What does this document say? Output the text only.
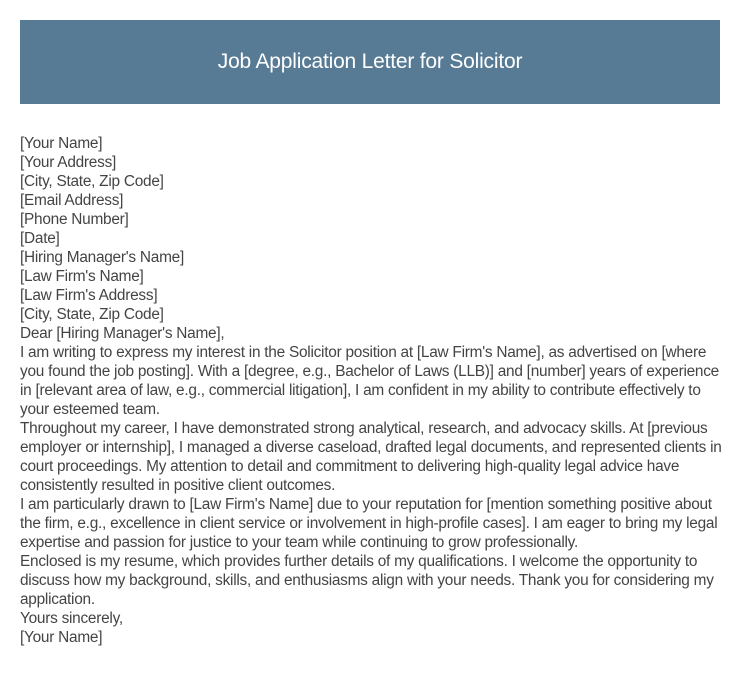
Job Application Letter for Solicitor
[Your Name]
[Your Address]
[City, State, Zip Code]
[Email Address]
[Phone Number]
[Date]
[Hiring Manager's Name]
[Law Firm's Name]
[Law Firm's Address]
[City, State, Zip Code]
Dear [Hiring Manager's Name],

I am writing to express my interest in the Solicitor position at [Law Firm's Name], as advertised on [where you found the job posting]. With a [degree, e.g., Bachelor of Laws (LLB)] and [number] years of experience in [relevant area of law, e.g., commercial litigation], I am confident in my ability to contribute effectively to your esteemed team.

Throughout my career, I have demonstrated strong analytical, research, and advocacy skills. At [previous employer or internship], I managed a diverse caseload, drafted legal documents, and represented clients in court proceedings. My attention to detail and commitment to delivering high-quality legal advice have consistently resulted in positive client outcomes.

I am particularly drawn to [Law Firm's Name] due to your reputation for [mention something positive about the firm, e.g., excellence in client service or involvement in high-profile cases]. I am eager to bring my legal expertise and passion for justice to your team while continuing to grow professionally.

Enclosed is my resume, which provides further details of my qualifications. I welcome the opportunity to discuss how my background, skills, and enthusiasms align with your needs. Thank you for considering my application.

Yours sincerely,
[Your Name]
